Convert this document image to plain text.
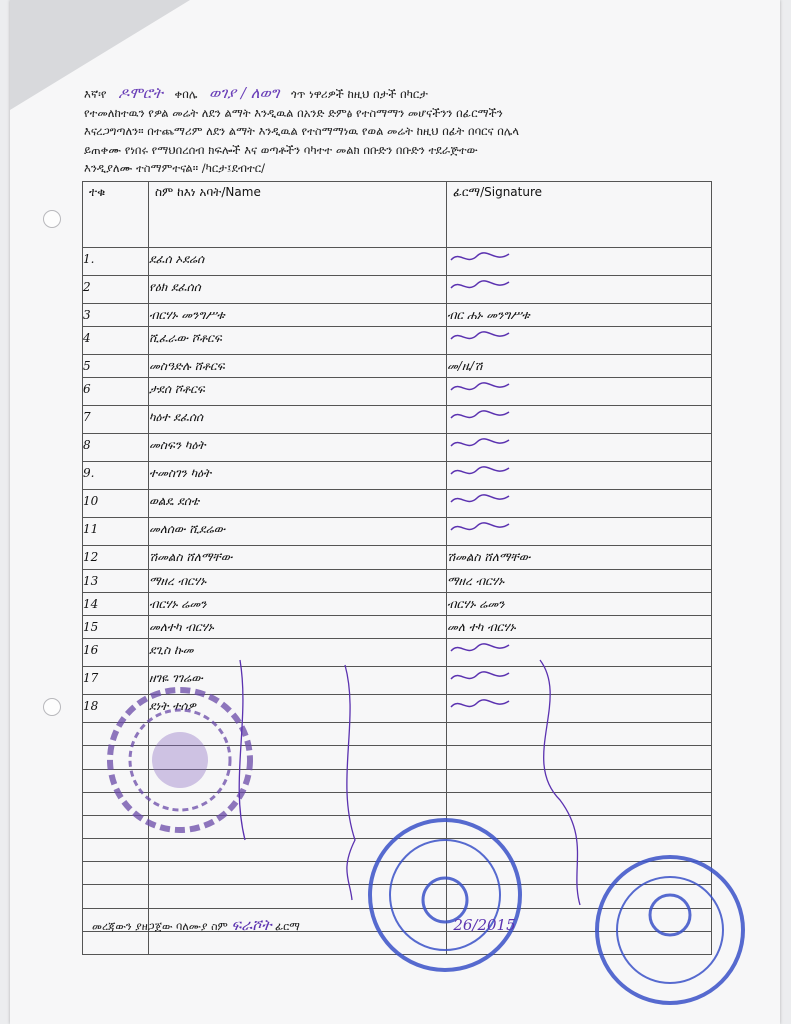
እኛ፡የ ዶሞሮት ቀበሌ ወገያ / ለወግ ጎጥ ነዋሪዎች ከዚህ በታች በካርታ

የተመለከተዉን የዎል መሬት ለደን ልማት እንዲዉል በአንድ ድምፅ የተስማማን መሆናችንን በፊርማችን

እናረጋግጣለን። በተጨማሪም ለደን ልማት እንዲዉል የተስማማነዉ የወል መሬት ከዚህ በፊት በባርና በሌላ

ይጠቀሙ የነበሩ የማህበረሰብ ክፍሎች እና ወጣቶችን ባካተተ መልክ በቡድን በቡድን ተደራጅተው

እንዲያለሙ ተስማምተናል። /ካርታ፤ደብተር/

ተቁ	ስም ከእነ አባት/Name	ፊርማ/Signature
1.	ደፈሰ ኦደሬሰ	
2	የዕክ ደፈሰሰ	
3	ብርሃኑ መንግሥቱ	ብር ሐኑ መንግሥቱ
4	ሺፈራው ሾቶርፍ	
5	መስዓድሉ ሸቶርፍ	መ/ዜ/ሽ
6	ታደሰ ሾቶርፍ	
7	ካዕተ ደፈሰሰ	
8	መስፍን ካዕት	
9.	ተመስገን ካዕት	
10	ወልዴ ደሰቴ	
11	መለሰው ሺደሬው	
12	ሽመልስ ሸለማቸው	ሽመልስ ሸለማቸው
13	ማዘረ ብርሃኑ	ማዘረ ብርሃኑ
14	ብርሃኑ ሬመን	ብርሃኑ ሬመን
15	መለተካ ብርሃኑ	መለ ተካ ብርሃኑ
16	ደጊስ ኩመ	
17	ዘገዬ ገገሬው	
18	ደነት ተሰዎ	

መረጃውን ያዘጋጀው ባለሙያ ስም ፍራሾት ፊርማ	26/2015
